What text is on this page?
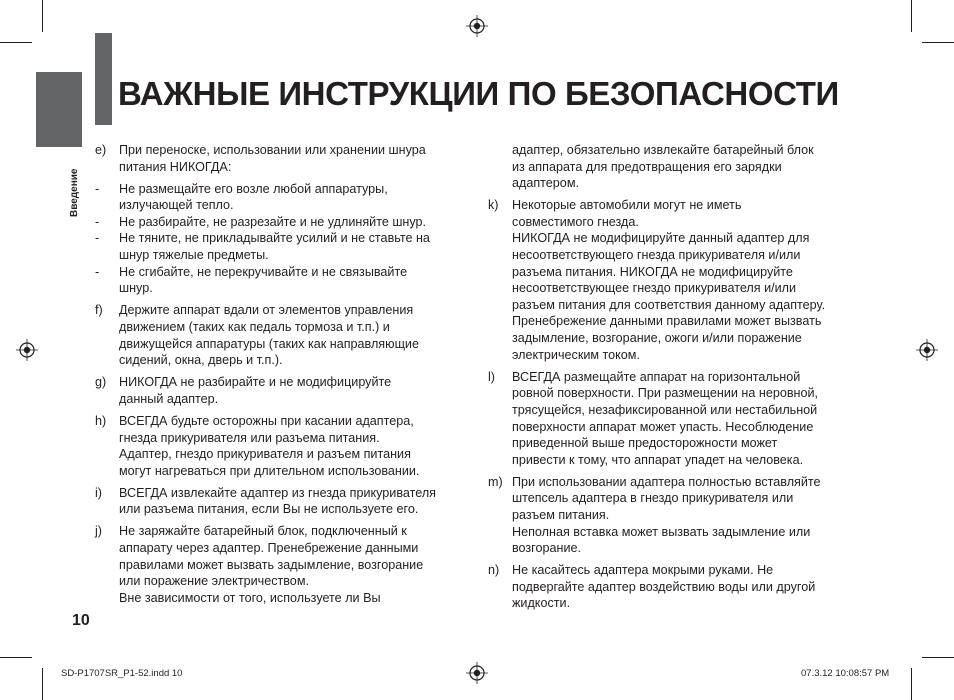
ВАЖНЫЕ ИНСТРУКЦИИ ПО БЕЗОПАСНОСТИ
Введение
10
e)	При переноске, использовании или хранении шнура
питания НИКОГДА:
-	Не размещайте его возле любой аппаратуры,
излучающей тепло.
-	Не разбирайте, не разрезайте и не удлиняйте шнур.
-	Не тяните, не прикладывайте усилий и не ставьте на
шнур тяжелые предметы.
-	Не сгибайте, не перекручивайте и не связывайте
шнур.
f)	Держите аппарат вдали от элементов управления
движением (таких как педаль тормоза и т.п.) и
движущейся аппаратуры (таких как направляющие
сидений, окна, дверь и т.п.).
g)	НИКОГДА не разбирайте и не модифицируйте
данный адаптер.
h)	ВСЕГДА будьте осторожны при касании адаптера,
гнезда прикуривателя или разъема питания.
Адаптер, гнездо прикуривателя и разъем питания
могут нагреваться при длительном использовании.
i)	ВСЕГДА извлекайте адаптер из гнезда прикуривателя
или разъема питания, если Вы не используете его.
j)	Не заряжайте батарейный блок, подключенный к
аппарату через адаптер. Пренебрежение данными
правилами может вызвать задымление, возгорание
или поражение электричеством.
Вне зависимости от того, используете ли Вы
адаптер, обязательно извлекайте батарейный блок
из аппарата для предотвращения его зарядки
адаптером.
k)	Некоторые автомобили могут не иметь
совместимого гнезда.
НИКОГДА не модифицируйте данный адаптер для
несоответствующего гнезда прикуривателя и/или
разъема питания. НИКОГДА не модифицируйте
несоответствующее гнездо прикуривателя и/или
разъем питания для соответствия данному адаптеру.
Пренебрежение данными правилами может вызвать
задымление, возгорание, ожоги и/или поражение
электрическим током.
l)	ВСЕГДА размещайте аппарат на горизонтальной
ровной поверхности. При размещении на неровной,
трясущейся, незафиксированной или нестабильной
поверхности аппарат может упасть. Несоблюдение
приведенной выше предосторожности может
привести к тому, что аппарат упадет на человека.
m) При использовании адаптера полностью вставляйте
штепсель адаптера в гнездо прикуривателя или
разъем питания.
Неполная вставка может вызвать задымление или
возгорание.
n)	Не касайтесь адаптера мокрыми руками. Не
подвергайте адаптер воздействию воды или другой
жидкости.
SD-P1707SR_P1-52.indd 10	07.3.12 10:08:57 PM
